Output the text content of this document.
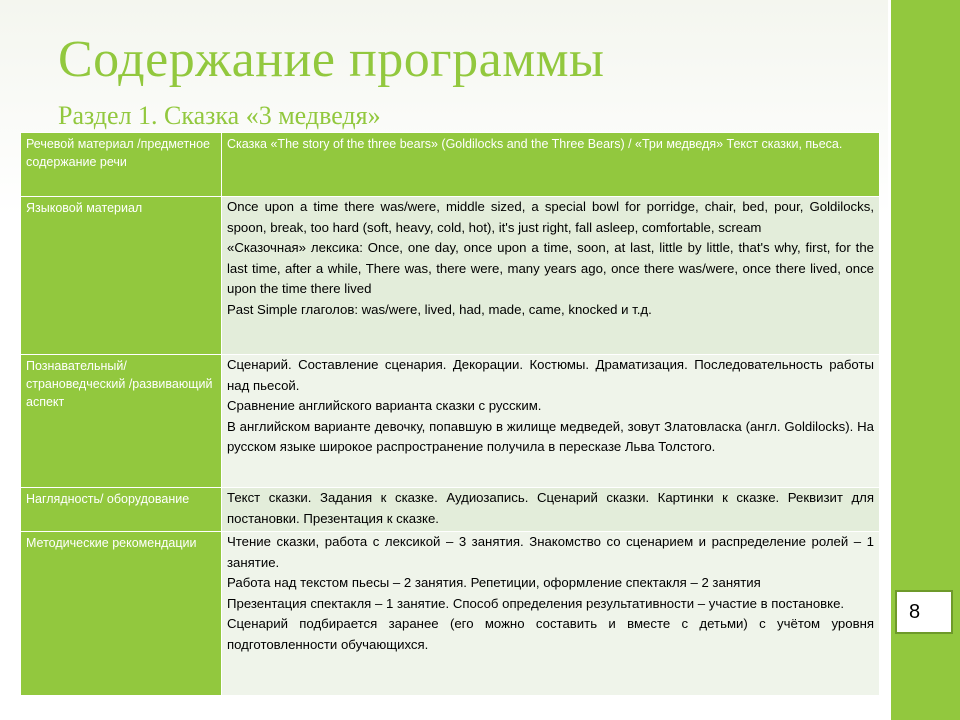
8
Содержание программы
Раздел 1. Сказка «3 медведя»
Речевой материал /предметное содержание речи	Сказка «The story of the three bears» (Goldilocks and the Three Bears) / «Три медведя» Текст сказки, пьеса.

Языковой материал	Once upon a time there was/were, middle sized, a special bowl for porridge, chair, bed, pour, Goldilocks, spoon, break, too hard (soft, heavy, cold, hot), it's just right, fall asleep, comfortable, scream
«Сказочная» лексика: Once, one day, once upon a time, soon, at last, little by little, that's why, first, for the last time, after a while, There was, there were, many years ago, once there was/were, once there lived, once upon the time there lived
Past Simple глаголов: was/were, lived, had, made, came, knocked и т.д.

Познавательный/ страноведческий /развивающий аспект	Сценарий. Составление сценария. Декорации. Костюмы. Драматизация. Последовательность работы над пьесой.
Сравнение английского варианта сказки с русским.
В английском варианте девочку, попавшую в жилище медведей, зовут Златовласка (англ. Goldilocks). На русском языке широкое распространение получила в пересказе Льва Толстого.

Наглядность/ оборудование	Текст сказки. Задания к сказке. Аудиозапись. Сценарий сказки. Картинки к сказке. Реквизит для постановки. Презентация к сказке.

Методические рекомендации	Чтение сказки, работа с лексикой – 3 занятия. Знакомство со сценарием и распределение ролей – 1 занятие.
Работа над текстом пьесы – 2 занятия. Репетиции, оформление спектакля – 2 занятия
Презентация спектакля – 1 занятие. Способ определения результативности – участие в постановке.
Сценарий подбирается заранее (его можно составить и вместе с детьми) с учётом уровня подготовленности обучающихся.
